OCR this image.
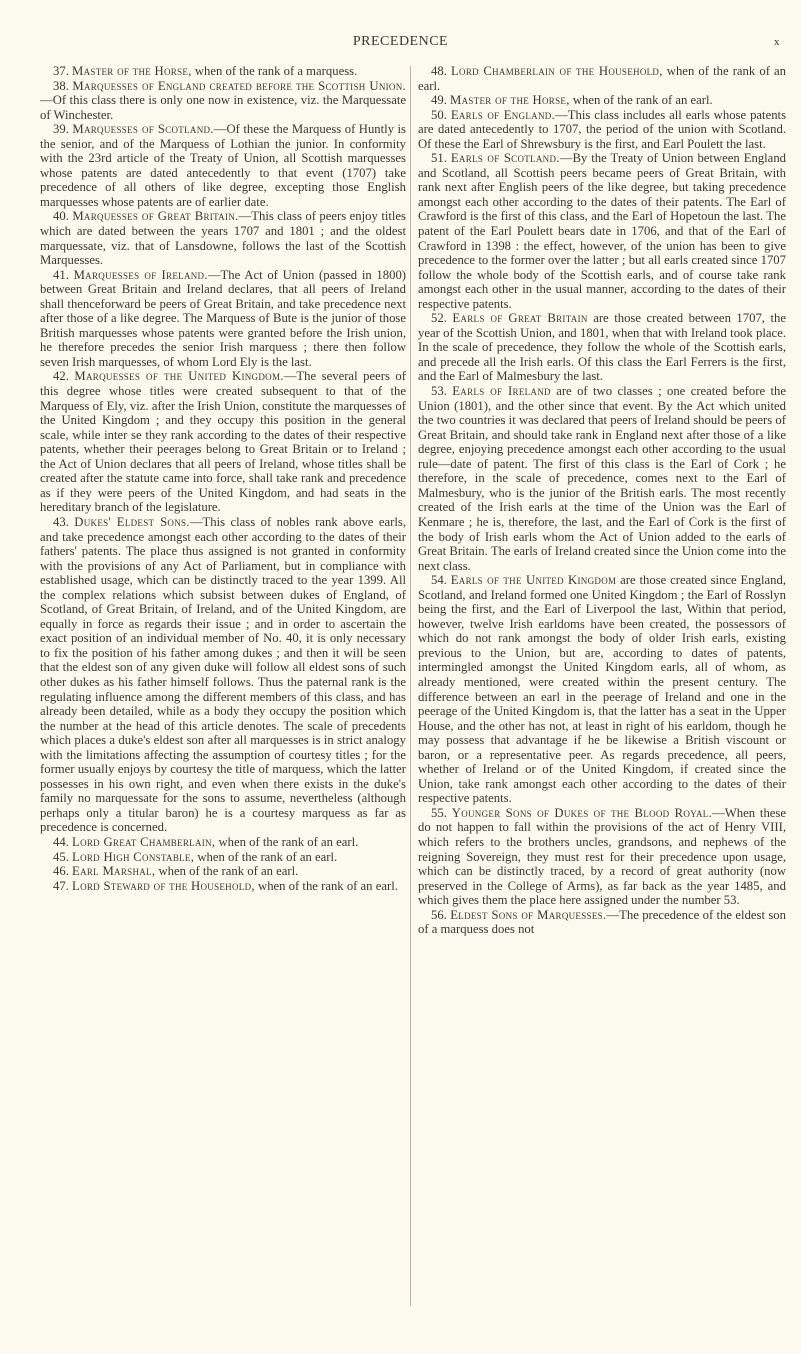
PRECEDENCE	x

37. Master of the Horse, when of the rank of a marquess.

38. Marquesses of England created before the Scottish Union.—Of this class there is only one now in existence, viz. the Marquessate of Winchester.

39. Marquesses of Scotland.—Of these the Marquess of Huntly is the senior, and of the Marquess of Lothian the junior. In conformity with the 23rd article of the Treaty of Union, all Scottish marquesses whose patents are dated antecedently to that event (1707) take precedence of all others of like degree, excepting those English marquesses whose patents are of earlier date.

40. Marquesses of Great Britain.—This class of peers enjoy titles which are dated between the years 1707 and 1801 ; and the oldest marquessate, viz. that of Lansdowne, follows the last of the Scottish Marquesses.

41. Marquesses of Ireland.—The Act of Union (passed in 1800) between Great Britain and Ireland declares, that all peers of Ireland shall thenceforward be peers of Great Britain, and take precedence next after those of a like degree. The Marquess of Bute is the junior of those British marquesses whose patents were granted before the Irish union, he therefore precedes the senior Irish marquess ; there then follow seven Irish marquesses, of whom Lord Ely is the last.

42. Marquesses of the United Kingdom.—The several peers of this degree whose titles were created subsequent to that of the Marquess of Ely, viz. after the Irish Union, constitute the marquesses of the United Kingdom ; and they occupy this position in the general scale, while inter se they rank according to the dates of their respective patents, whether their peerages belong to Great Britain or to Ireland ; the Act of Union declares that all peers of Ireland, whose titles shall be created after the statute came into force, shall take rank and precedence as if they were peers of the United Kingdom, and had seats in the hereditary branch of the legislature.

43. Dukes' Eldest Sons.—This class of nobles rank above earls, and take precedence amongst each other according to the dates of their fathers' patents. The place thus assigned is not granted in conformity with the provisions of any Act of Parliament, but in compliance with established usage, which can be distinctly traced to the year 1399. All the complex relations which subsist between dukes of England, of Scotland, of Great Britain, of Ireland, and of the United Kingdom, are equally in force as regards their issue ; and in order to ascertain the exact position of an individual member of No. 40, it is only necessary to fix the position of his father among dukes ; and then it will be seen that the eldest son of any given duke will follow all eldest sons of such other dukes as his father himself follows. Thus the paternal rank is the regulating influence among the different members of this class, and has already been detailed, while as a body they occupy the position which the number at the head of this article denotes. The scale of precedents which places a duke's eldest son after all marquesses is in strict analogy with the limitations affecting the assumption of courtesy titles ; for the former usually enjoys by courtesy the title of marquess, which the latter possesses in his own right, and even when there exists in the duke's family no marquessate for the sons to assume, nevertheless (although perhaps only a titular baron) he is a courtesy marquess as far as precedence is concerned.

44. Lord Great Chamberlain, when of the rank of an earl.

45. Lord High Constable, when of the rank of an earl.

46. Earl Marshal, when of the rank of an earl.

47. Lord Steward of the Household, when of the rank of an earl.

48. Lord Chamberlain of the Household, when of the rank of an earl.

49. Master of the Horse, when of the rank of an earl.

50. Earls of England.—This class includes all earls whose patents are dated antecedently to 1707, the period of the union with Scotland. Of these the Earl of Shrewsbury is the first, and Earl Poulett the last.

51. Earls of Scotland.—By the Treaty of Union between England and Scotland, all Scottish peers became peers of Great Britain, with rank next after English peers of the like degree, but taking precedence amongst each other according to the dates of their patents. The Earl of Crawford is the first of this class, and the Earl of Hopetoun the last. The patent of the Earl Poulett bears date in 1706, and that of the Earl of Crawford in 1398 : the effect, however, of the union has been to give precedence to the former over the latter ; but all earls created since 1707 follow the whole body of the Scottish earls, and of course take rank amongst each other in the usual manner, according to the dates of their respective patents.

52. Earls of Great Britain are those created between 1707, the year of the Scottish Union, and 1801, when that with Ireland took place. In the scale of precedence, they follow the whole of the Scottish earls, and precede all the Irish earls. Of this class the Earl Ferrers is the first, and the Earl of Malmesbury the last.

53. Earls of Ireland are of two classes ; one created before the Union (1801), and the other since that event. By the Act which united the two countries it was declared that peers of Ireland should be peers of Great Britain, and should take rank in England next after those of a like degree, enjoying precedence amongst each other according to the usual rule—date of patent. The first of this class is the Earl of Cork ; he therefore, in the scale of precedence, comes next to the Earl of Malmesbury, who is the junior of the British earls. The most recently created of the Irish earls at the time of the Union was the Earl of Kenmare ; he is, therefore, the last, and the Earl of Cork is the first of the body of Irish earls whom the Act of Union added to the earls of Great Britain. The earls of Ireland created since the Union come into the next class.

54. Earls of the United Kingdom are those created since England, Scotland, and Ireland formed one United Kingdom ; the Earl of Rosslyn being the first, and the Earl of Liverpool the last, Within that period, however, twelve Irish earldoms have been created, the possessors of which do not rank amongst the body of older Irish earls, existing previous to the Union, but are, according to dates of patents, intermingled amongst the United Kingdom earls, all of whom, as already mentioned, were created within the present century. The difference between an earl in the peerage of Ireland and one in the peerage of the United Kingdom is, that the latter has a seat in the Upper House, and the other has not, at least in right of his earldom, though he may possess that advantage if he be likewise a British viscount or baron, or a representative peer. As regards precedence, all peers, whether of Ireland or of the United Kingdom, if created since the Union, take rank amongst each other according to the dates of their respective patents.

55. Younger Sons of Dukes of the Blood Royal.—When these do not happen to fall within the provisions of the act of Henry VIII, which refers to the brothers uncles, grandsons, and nephews of the reigning Sovereign, they must rest for their precedence upon usage, which can be distinctly traced, by a record of great authority (now preserved in the College of Arms), as far back as the year 1485, and which gives them the place here assigned under the number 53.

56. Eldest Sons of Marquesses.—The precedence of the eldest son of a marquess does not
